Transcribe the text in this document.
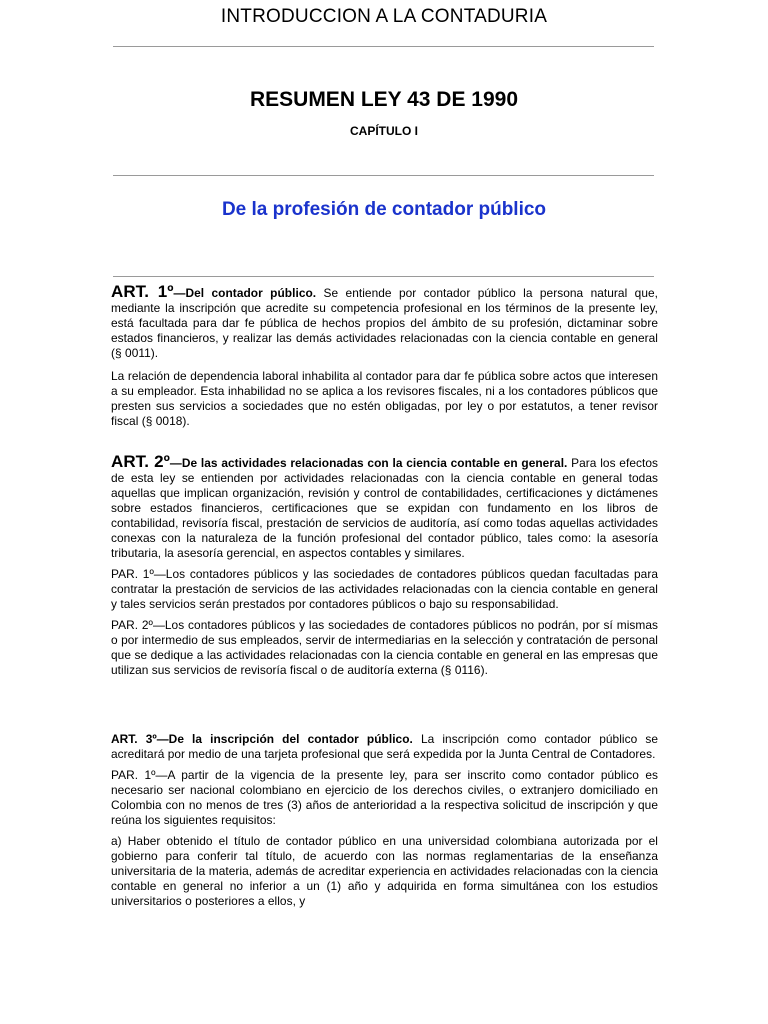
INTRODUCCION A LA CONTADURIA
RESUMEN LEY 43 DE 1990
CAPÍTULO I
De la profesión de contador público

ART. 1º—Del contador público. Se entiende por contador público la persona natural que, mediante la inscripción que acredite su competencia profesional en los términos de la presente ley, está facultada para dar fe pública de hechos propios del ámbito de su profesión, dictaminar sobre estados financieros, y realizar las demás actividades relacionadas con la ciencia contable en general (§ 0011).

La relación de dependencia laboral inhabilita al contador para dar fe pública sobre actos que interesen a su empleador. Esta inhabilidad no se aplica a los revisores fiscales, ni a los contadores públicos que presten sus servicios a sociedades que no estén obligadas, por ley o por estatutos, a tener revisor fiscal (§ 0018).

ART. 2º—De las actividades relacionadas con la ciencia contable en general. Para los efectos de esta ley se entienden por actividades relacionadas con la ciencia contable en general todas aquellas que implican organización, revisión y control de contabilidades, certificaciones y dictámenes sobre estados financieros, certificaciones que se expidan con fundamento en los libros de contabilidad, revisoría fiscal, prestación de servicios de auditoría, así como todas aquellas actividades conexas con la naturaleza de la función profesional del contador público, tales como: la asesoría tributaria, la asesoría gerencial, en aspectos contables y similares.

PAR. 1º—Los contadores públicos y las sociedades de contadores públicos quedan facultadas para contratar la prestación de servicios de las actividades relacionadas con la ciencia contable en general y tales servicios serán prestados por contadores públicos o bajo su responsabilidad.

PAR. 2º—Los contadores públicos y las sociedades de contadores públicos no podrán, por sí mismas o por intermedio de sus empleados, servir de intermediarias en la selección y contratación de personal que se dedique a las actividades relacionadas con la ciencia contable en general en las empresas que utilizan sus servicios de revisoría fiscal o de auditoría externa (§ 0116).

ART. 3º—De la inscripción del contador público. La inscripción como contador público se acreditará por medio de una tarjeta profesional que será expedida por la Junta Central de Contadores.

PAR. 1º—A partir de la vigencia de la presente ley, para ser inscrito como contador público es necesario ser nacional colombiano en ejercicio de los derechos civiles, o extranjero domiciliado en Colombia con no menos de tres (3) años de anterioridad a la respectiva solicitud de inscripción y que reúna los siguientes requisitos:

a) Haber obtenido el título de contador público en una universidad colombiana autorizada por el gobierno para conferir tal título, de acuerdo con las normas reglamentarias de la enseñanza universitaria de la materia, además de acreditar experiencia en actividades relacionadas con la ciencia contable en general no inferior a un (1) año y adquirida en forma simultánea con los estudios universitarios o posteriores a ellos, y
